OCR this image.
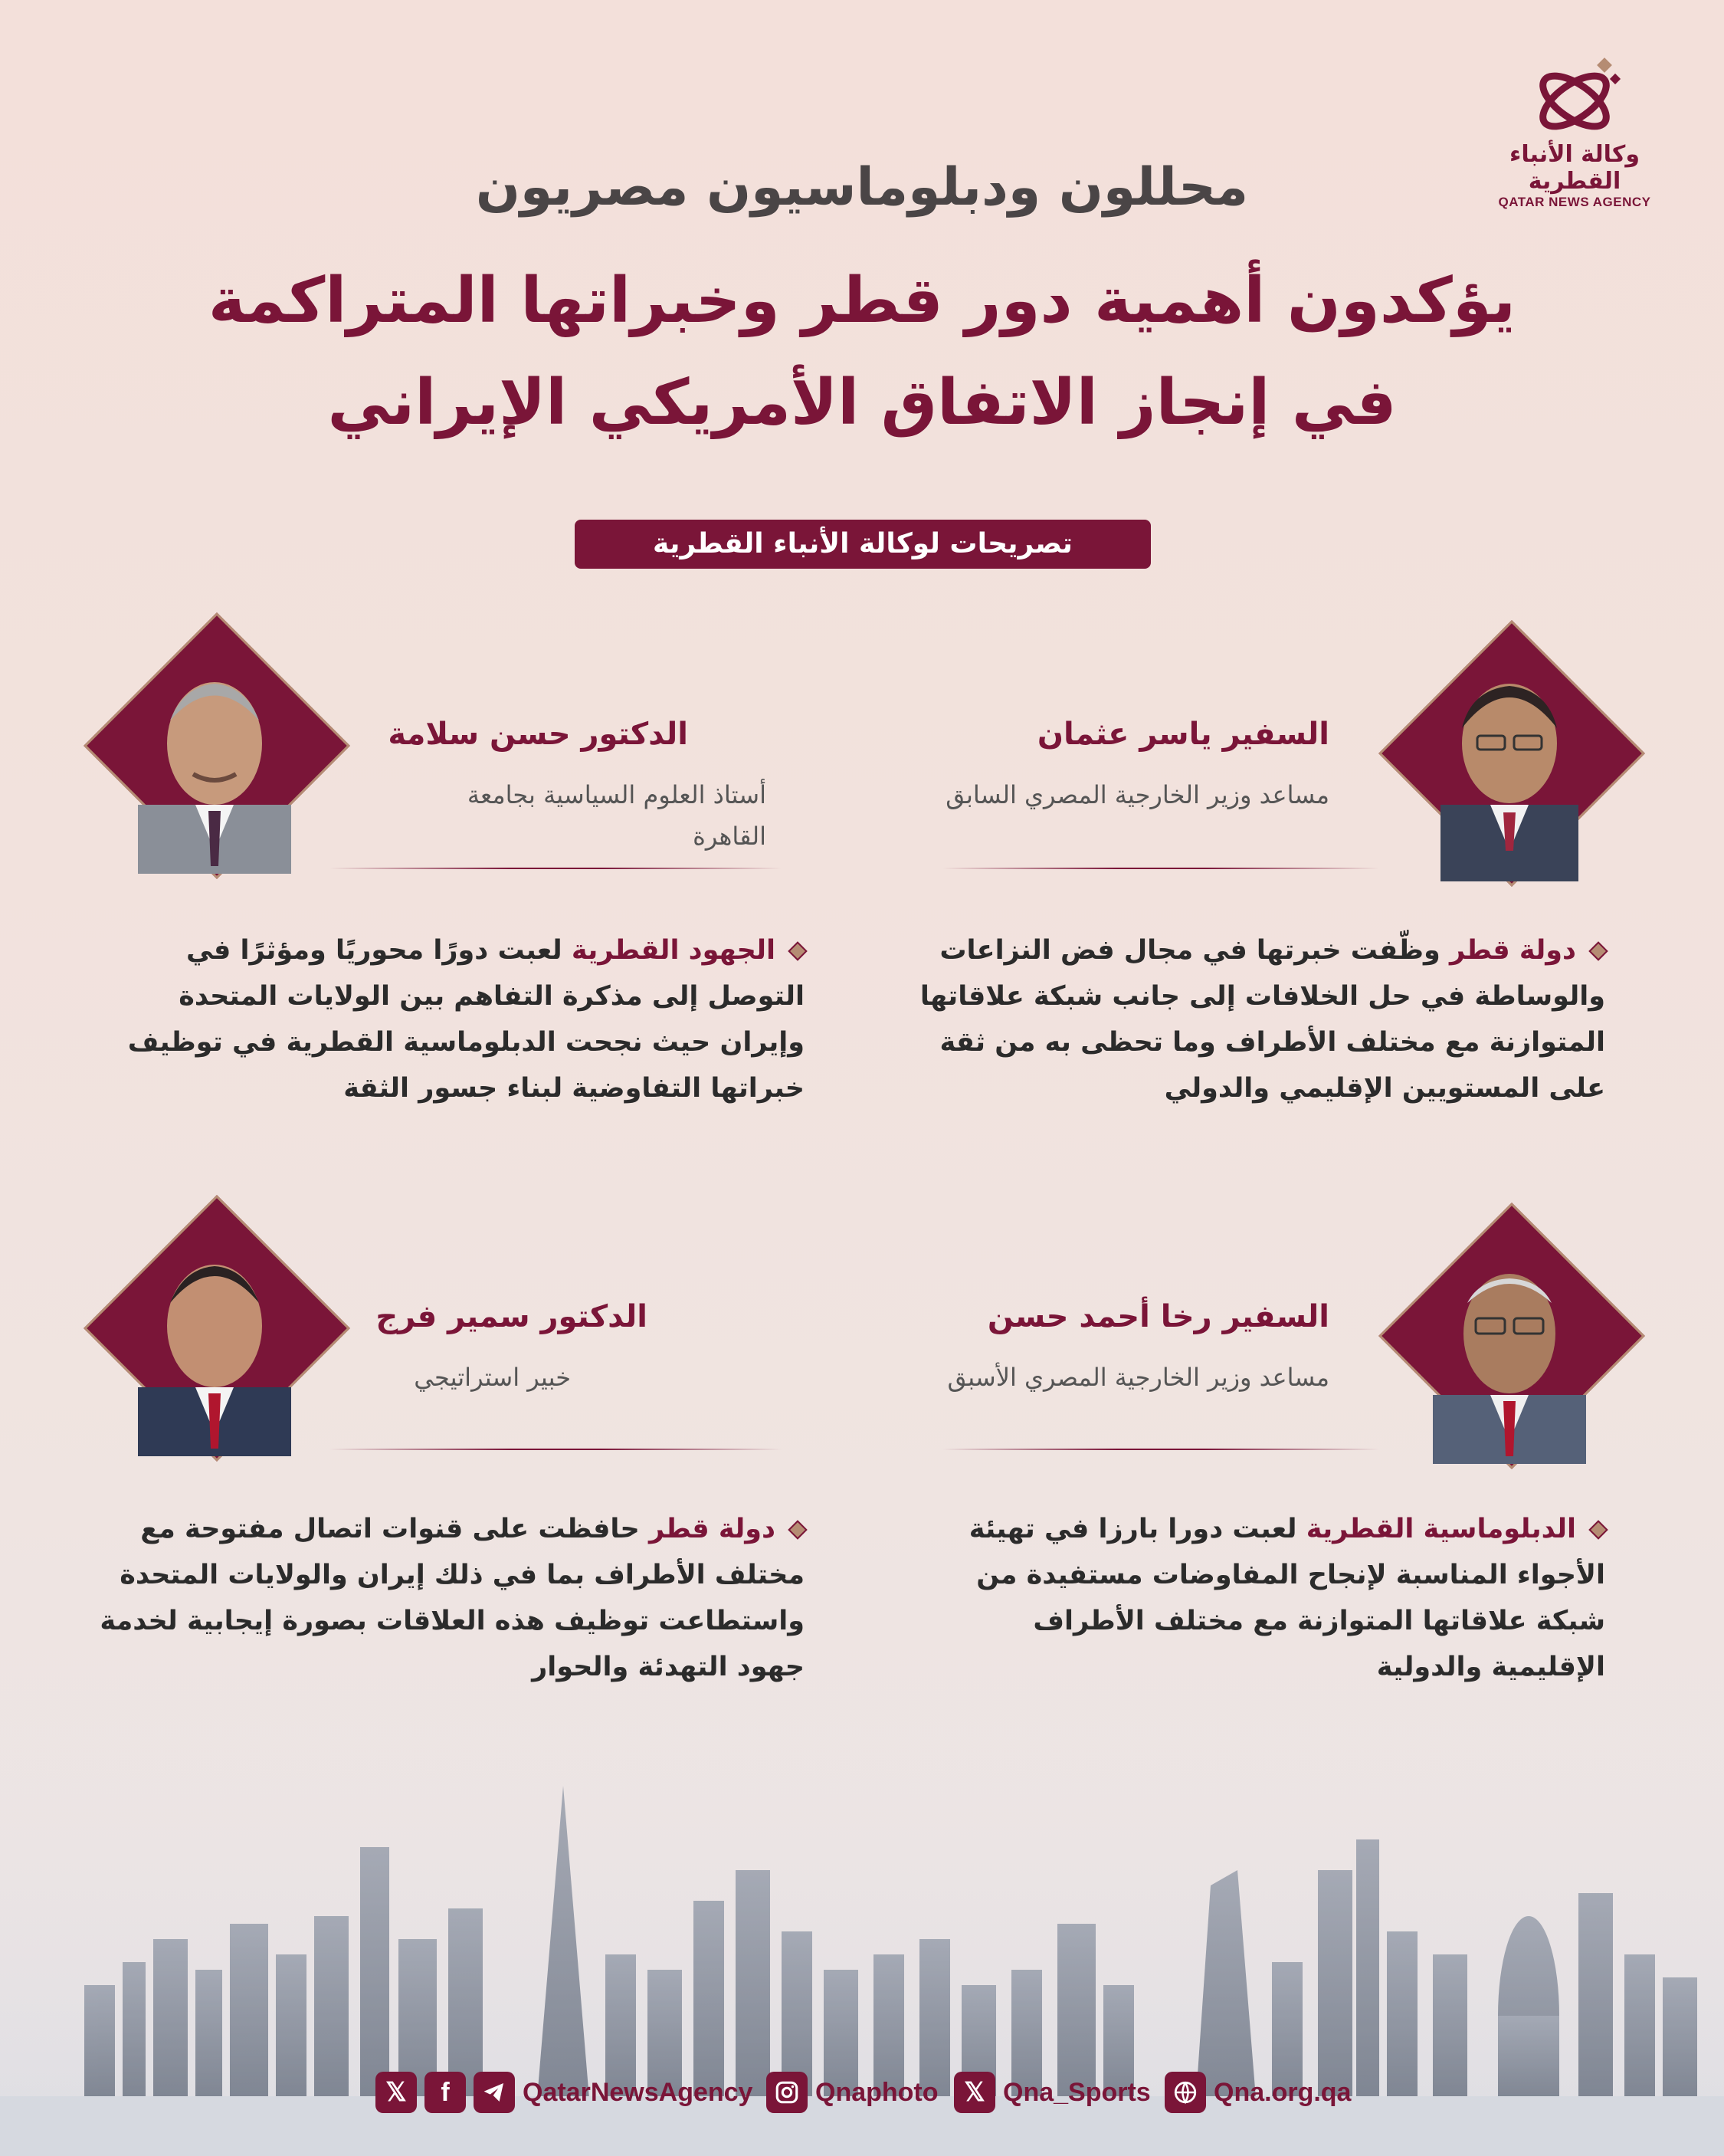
وكالة الأنباء القطرية
QATAR NEWS AGENCY
محللون ودبلوماسيون مصريون
يؤكدون أهمية دور قطر وخبراتها المتراكمة
في إنجاز الاتفاق الأمريكي الإيراني
تصريحات لوكالة الأنباء القطرية
السفير ياسر عثمان
مساعد وزير الخارجية المصري السابق
دولة قطر وظّفت خبرتها في مجال فض النزاعات والوساطة في حل الخلافات إلى جانب شبكة علاقاتها المتوازنة مع مختلف الأطراف وما تحظى به من ثقة على المستويين الإقليمي والدولي
الدكتور حسن سلامة
أستاذ العلوم السياسية بجامعة القاهرة
الجهود القطرية لعبت دورًا محوريًا ومؤثرًا في التوصل إلى مذكرة التفاهم بين الولايات المتحدة وإيران حيث نجحت الدبلوماسية القطرية في توظيف خبراتها التفاوضية لبناء جسور الثقة
السفير رخا أحمد حسن
مساعد وزير الخارجية المصري الأسبق
الدبلوماسية القطرية لعبت دورا بارزا في تهيئة الأجواء المناسبة لإنجاح المفاوضات مستفيدة من شبكة علاقاتها المتوازنة مع مختلف الأطراف الإقليمية والدولية
الدكتور سمير فرج
خبير استراتيجي
دولة قطر حافظت على قنوات اتصال مفتوحة مع مختلف الأطراف بما في ذلك إيران والولايات المتحدة واستطاعت توظيف هذه العلاقات بصورة إيجابية لخدمة جهود التهدئة والحوار
𝕏	f	QatarNewsAgency Qnaphoto 𝕏 Qna_Sports Qna.org.qa
